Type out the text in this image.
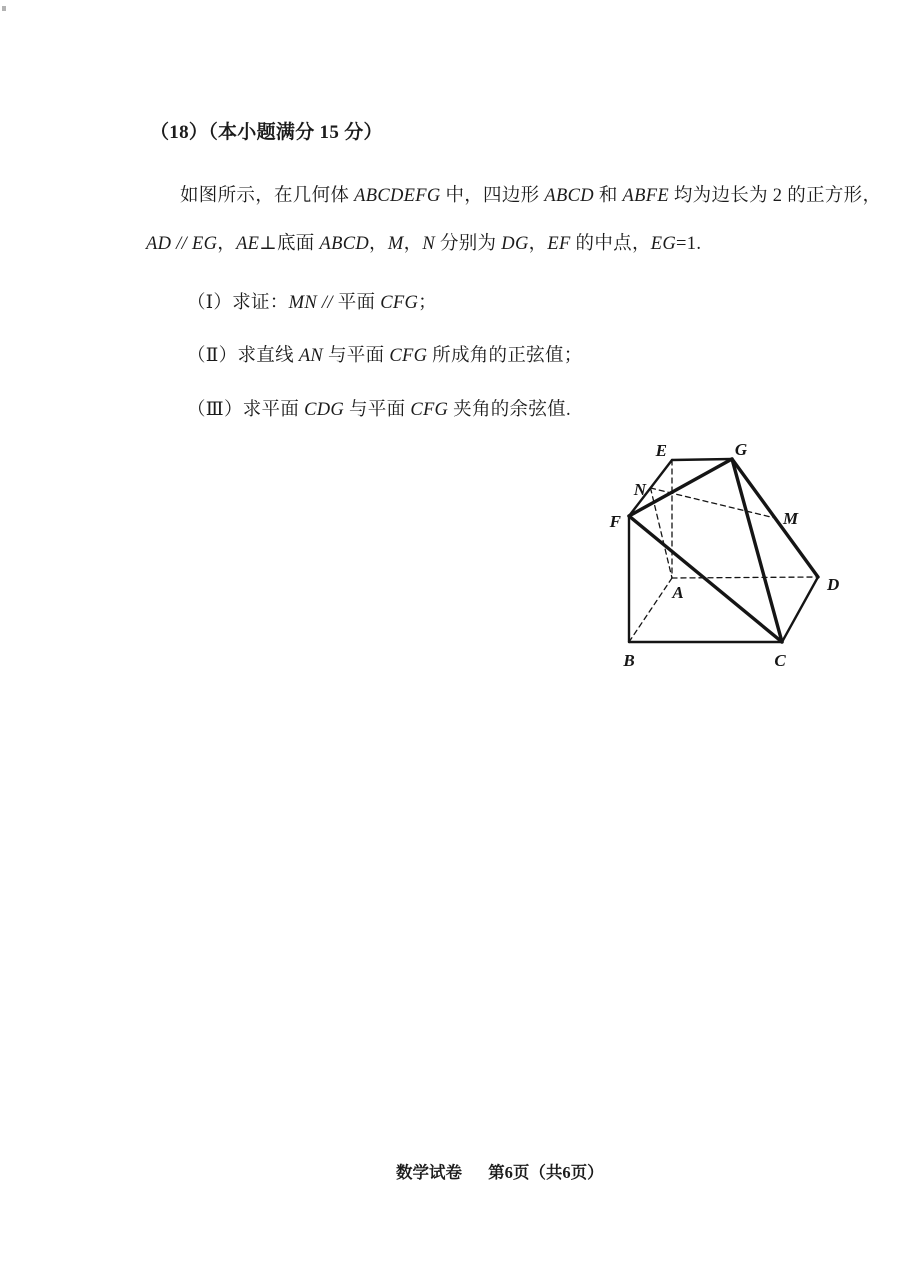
（18）（本小题满分 15 分）
如图所示，在几何体 ABCDEFG 中，四边形 ABCD 和 ABFE 均为边长为 2 的正方形，
AD // EG，AE⊥底面 ABCD，M，N 分别为 DG，EF 的中点，EG=1.
（Ⅰ）求证：MN // 平面 CFG；
（Ⅱ）求直线 AN 与平面 CFG 所成角的正弦值；
（Ⅲ）求平面 CDG 与平面 CFG 夹角的余弦值.
E	G
N
F	M
A	D
B	C
数学试卷 第6页（共6页）
